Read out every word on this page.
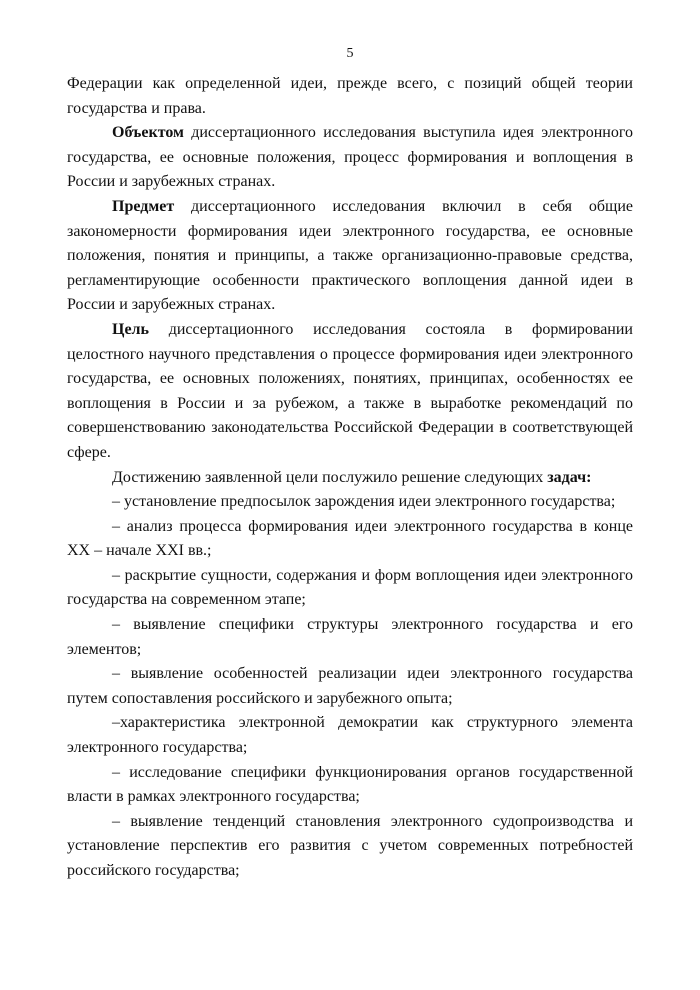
5

Федерации как определенной идеи, прежде всего, с позиций общей теории государства и права.

Объектом диссертационного исследования выступила идея электронного государства, ее основные положения, процесс формирования и воплощения в России и зарубежных странах.

Предмет диссертационного исследования включил в себя общие закономерности формирования идеи электронного государства, ее основные положения, понятия и принципы, а также организационно-правовые средства, регламентирующие особенности практического воплощения данной идеи в России и зарубежных странах.

Цель диссертационного исследования состояла в формировании целостного научного представления о процессе формирования идеи электронного государства, ее основных положениях, понятиях, принципах, особенностях ее воплощения в России и за рубежом, а также в выработке рекомендаций по совершенствованию законодательства Российской Федерации в соответствующей сфере.

Достижению заявленной цели послужило решение следующих задач:

– установление предпосылок зарождения идеи электронного государства;

– анализ процесса формирования идеи электронного государства в конце XX – начале XXI вв.;

– раскрытие сущности, содержания и форм воплощения идеи электронного государства на современном этапе;

– выявление специфики структуры электронного государства и его элементов;

– выявление особенностей реализации идеи электронного государства путем сопоставления российского и зарубежного опыта;

–характеристика электронной демократии как структурного элемента электронного государства;

– исследование специфики функционирования органов государственной власти в рамках электронного государства;

– выявление тенденций становления электронного судопроизводства и установление перспектив его развития с учетом современных потребностей российского государства;
